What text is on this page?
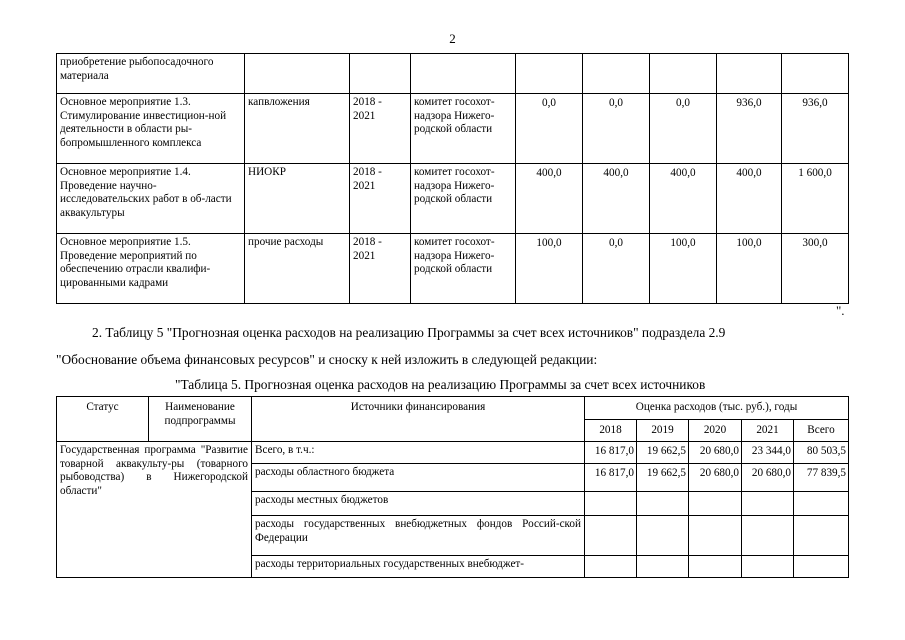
2
приобретение рыбопосадочного материала								
Основное мероприятие 1.3. Стимулирование инвестицион-ной деятельности в области ры-бопромышленного комплекса	капвложения	2018 - 2021	комитет госохот-надзора Нижего-родской области	0,0	0,0	0,0	936,0	936,0
Основное мероприятие 1.4. Проведение научно-исследовательских работ в об-ласти аквакультуры	НИОКР	2018 - 2021	комитет госохот-надзора Нижего-родской области	400,0	400,0	400,0	400,0	1 600,0
Основное мероприятие 1.5. Проведение мероприятий по обеспечению отрасли квалифи-цированными кадрами	прочие расходы	2018 - 2021	комитет госохот-надзора Нижего-родской области	100,0	0,0	100,0	100,0	300,0
".
2. Таблицу 5 "Прогнозная оценка расходов на реализацию Программы за счет всех источников" подраздела 2.9
"Обоснование объема финансовых ресурсов" и сноску к ней изложить в следующей редакции:
"Таблица 5. Прогнозная оценка расходов на реализацию Программы за счет всех источников
Статус	Наименование подпрограммы	Источники финансирования	Оценка расходов (тыс. руб.), годы				
			2018	2019	2020	2021	Всего
Государственная программа "Развитие товарной аквакульту-ры (товарного рыбоводства) в Нижегородской области"		Всего, в т.ч.:	16 817,0	19 662,5	20 680,0	23 344,0	80 503,5
		расходы областного бюджета	16 817,0	19 662,5	20 680,0	20 680,0	77 839,5
		расходы местных бюджетов					
		расходы государственных внебюджетных фондов Россий-ской Федерации					
		расходы территориальных государственных внебюджет-					
